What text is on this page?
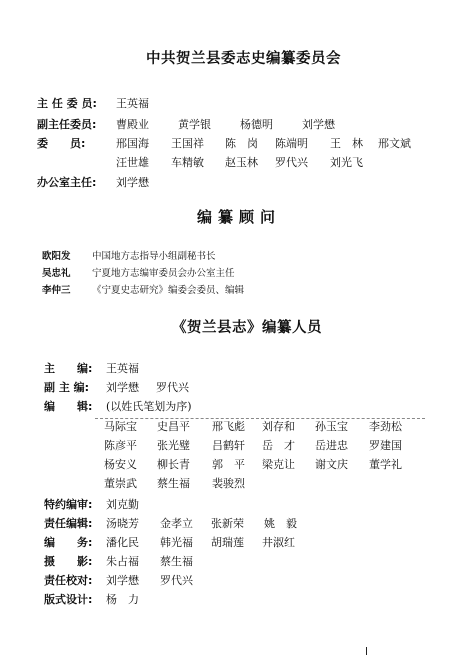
中共贺兰县委志史编纂委员会
主 任 委 员: 王英福
副主任委员: 曹殿业	黄学银	杨德明	刘学懋
委　　员:	邢国海 王国祥 陈　岗 陈端明 王　林 邢文斌
汪世雄 车精敏 赵玉林 罗代兴 刘光飞
办公室主任: 刘学懋
编纂顾问
欧阳发 中国地方志指导小组副秘书长
吴忠礼 宁夏地方志编审委员会办公室主任
李仲三 《宁夏史志研究》编委会委员、编辑
《贺兰县志》编纂人员
主　　编: 王英福
副 主 编: 刘学懋 罗代兴
编　　辑: (以姓氏笔划为序)
马际宝 史昌平 邢飞彪 刘存和 孙玉宝 李劲松
陈彦平 张光璧 吕鹤轩 岳　才 岳进忠 罗建国
杨安义 柳长青 郭　平 梁克让 谢文庆 董学礼
董崇武 蔡生福 裴骏烈
特约编审: 刘克勤
责任编辑: 汤晓芳 金孝立 张新荣 姚　毅
编　　务: 潘化民 韩光福 胡瑞莲 井淑红
摄　　影: 朱占福 蔡生福
责任校对: 刘学懋 罗代兴
版式设计: 杨　力
